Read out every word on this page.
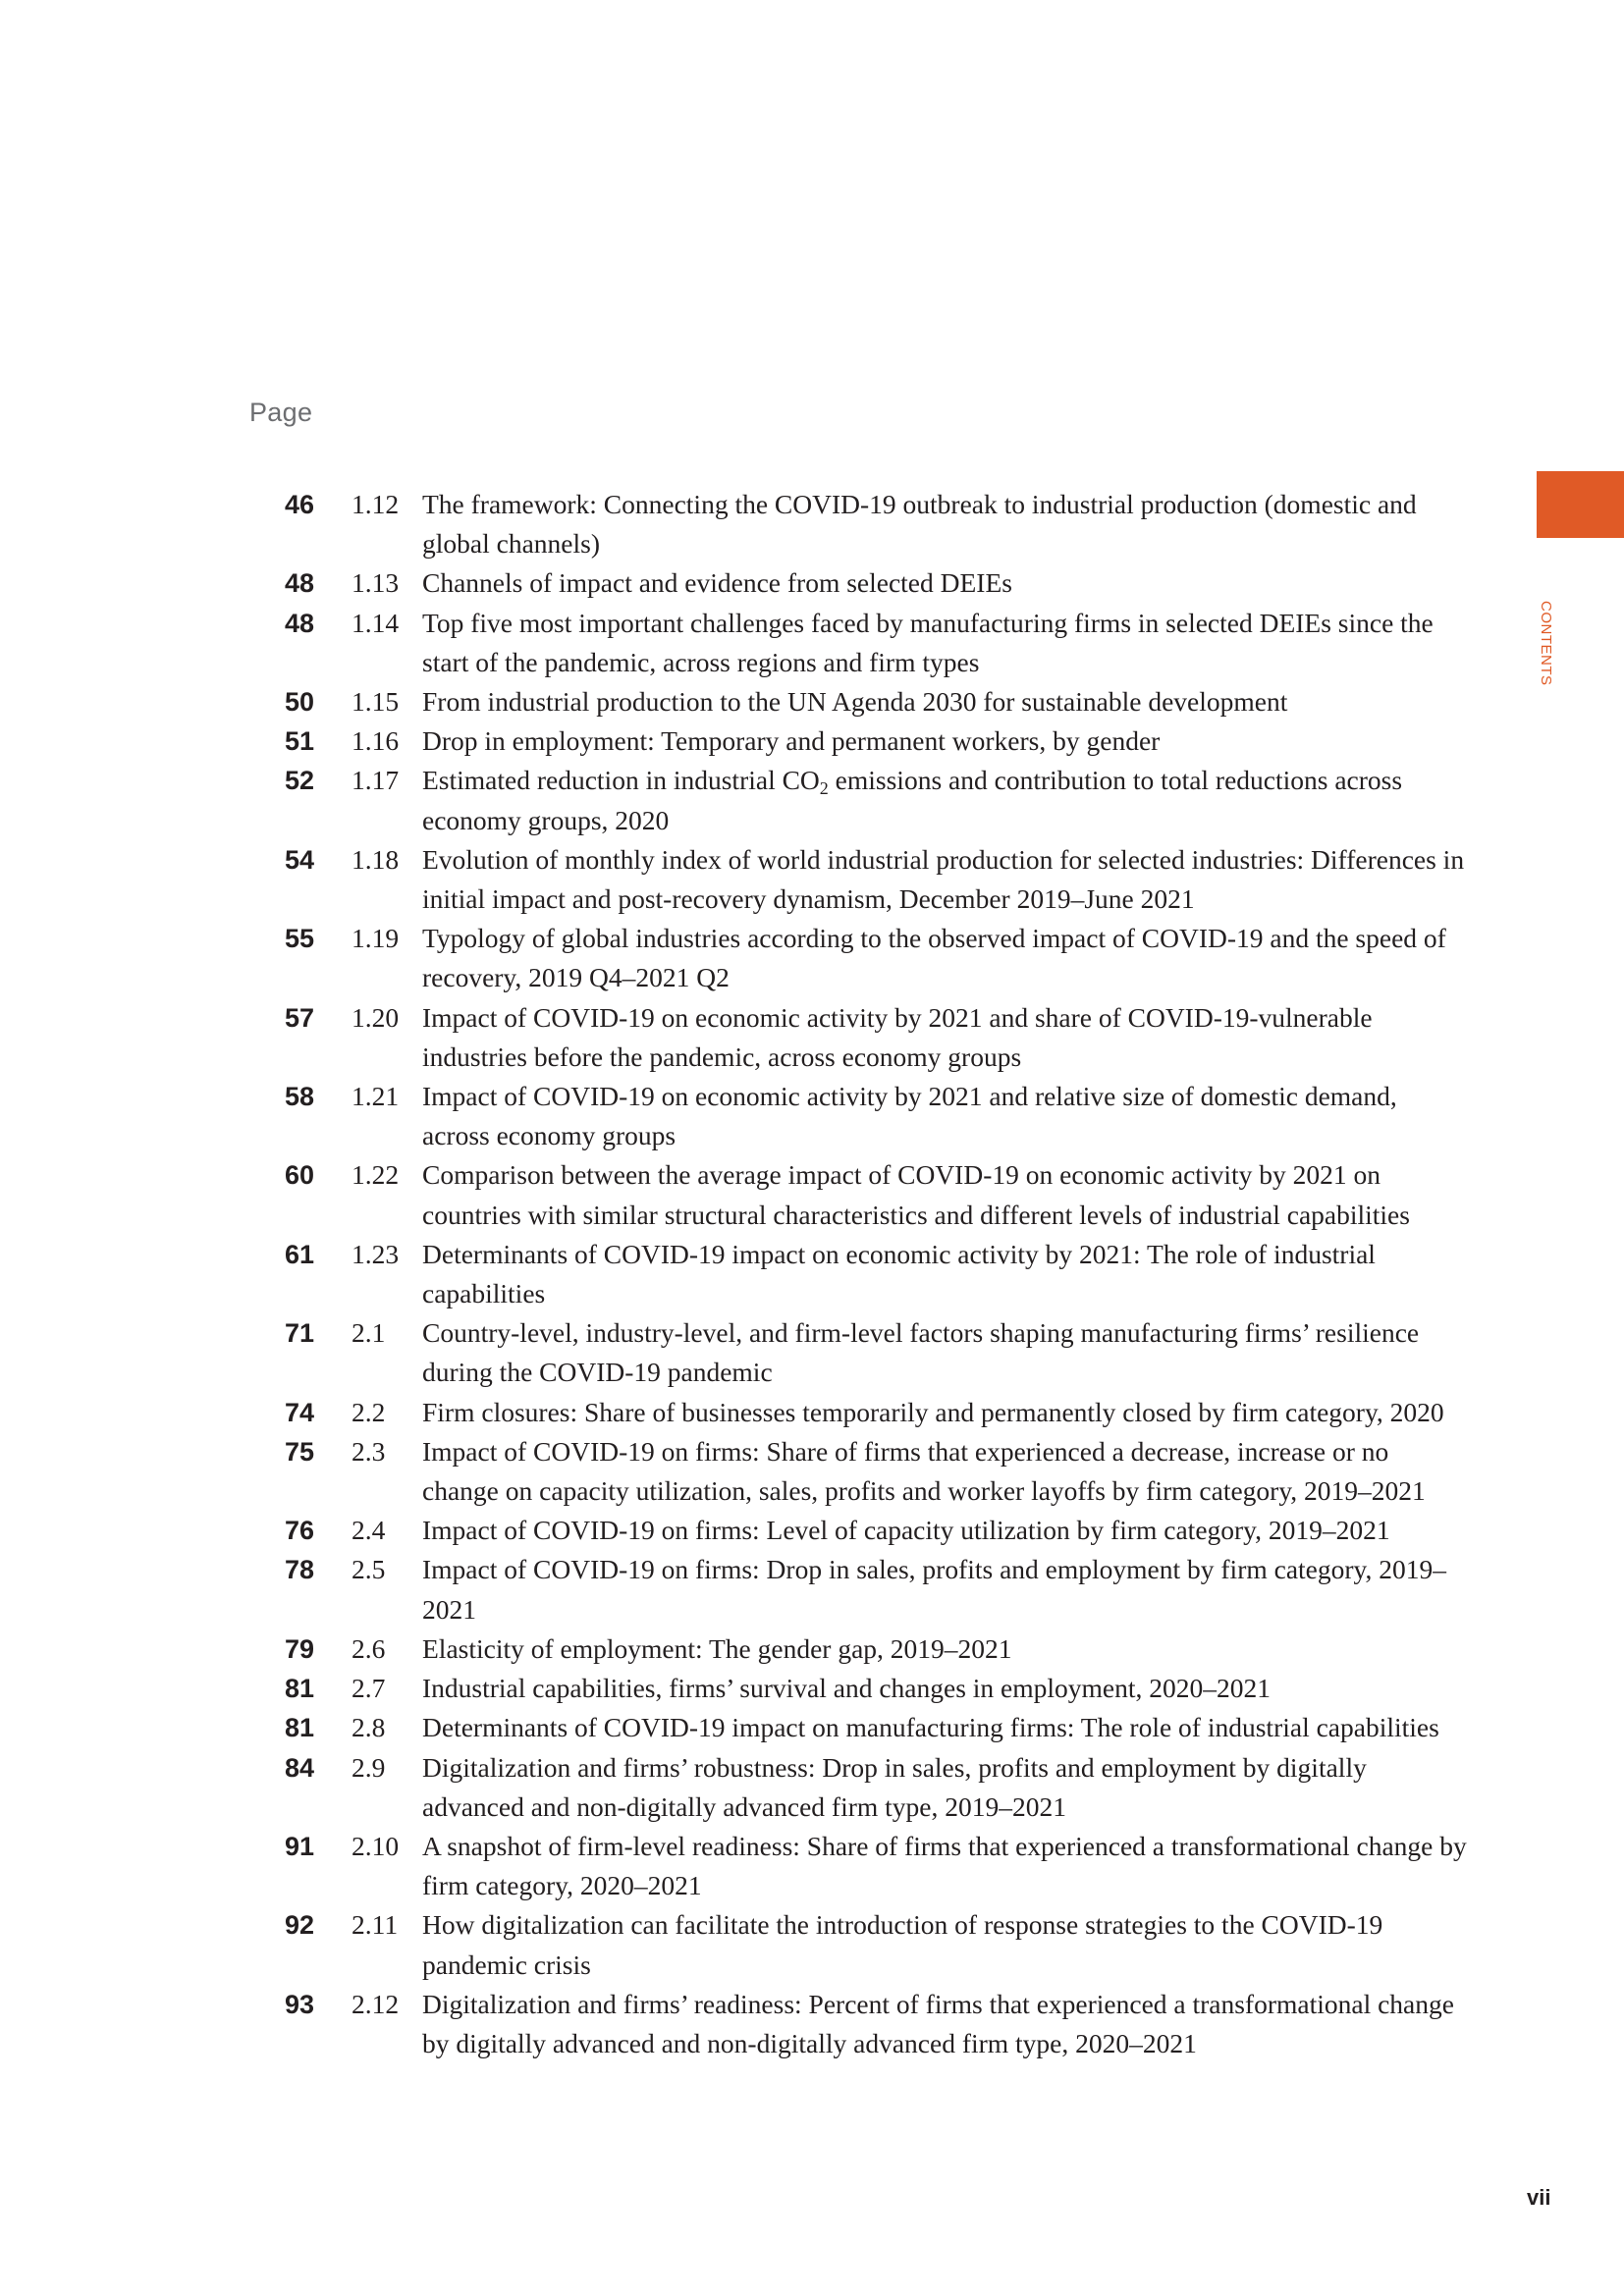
Page
CONTENTS
46	1.12 The framework: Connecting the COVID-19 outbreak to industrial production (domestic and global channels)
48	1.13 Channels of impact and evidence from selected DEIEs
48	1.14 Top five most important challenges faced by manufacturing firms in selected DEIEs since the start of the pandemic, across regions and firm types
50	1.15 From industrial production to the UN Agenda 2030 for sustainable development
51	1.16 Drop in employment: Temporary and permanent workers, by gender
52	1.17 Estimated reduction in industrial $CO_2$ emissions and contribution to total reductions across economy groups, 2020
54	1.18 Evolution of monthly index of world industrial production for selected industries: Differences in initial impact and post-recovery dynamism, December 2019–June 2021
55	1.19 Typology of global industries according to the observed impact of COVID-19 and the speed of recovery, 2019 Q4–2021 Q2
57	1.20 Impact of COVID-19 on economic activity by 2021 and share of COVID-19-vulnerable industries before the pandemic, across economy groups
58	1.21 Impact of COVID-19 on economic activity by 2021 and relative size of domestic demand, across economy groups
60	1.22 Comparison between the average impact of COVID-19 on economic activity by 2021 on countries with similar structural characteristics and different levels of industrial capabilities
61	1.23 Determinants of COVID-19 impact on economic activity by 2021: The role of industrial capabilities
71	2.1	Country-level, industry-level, and firm-level factors shaping manufacturing firms’ resilience during the COVID-19 pandemic
74	2.2	Firm closures: Share of businesses temporarily and permanently closed by firm category, 2020
75	2.3	Impact of COVID-19 on firms: Share of firms that experienced a decrease, increase or no change on capacity utilization, sales, profits and worker layoffs by firm category, 2019–2021
76	2.4	Impact of COVID-19 on firms: Level of capacity utilization by firm category, 2019–2021
78	2.5	Impact of COVID-19 on firms: Drop in sales, profits and employment by firm category, 2019–2021
79	2.6	Elasticity of employment: The gender gap, 2019–2021
81	2.7	Industrial capabilities, firms’ survival and changes in employment, 2020–2021
81	2.8	Determinants of COVID-19 impact on manufacturing firms: The role of industrial capabilities
84	2.9	Digitalization and firms’ robustness: Drop in sales, profits and employment by digitally advanced and non-digitally advanced firm type, 2019–2021
91	2.10 A snapshot of firm-level readiness: Share of firms that experienced a transformational change by firm category, 2020–2021
92	2.11 How digitalization can facilitate the introduction of response strategies to the COVID-19 pandemic crisis
93	2.12 Digitalization and firms’ readiness: Percent of firms that experienced a transformational change by digitally advanced and non-digitally advanced firm type, 2020–2021
vii
